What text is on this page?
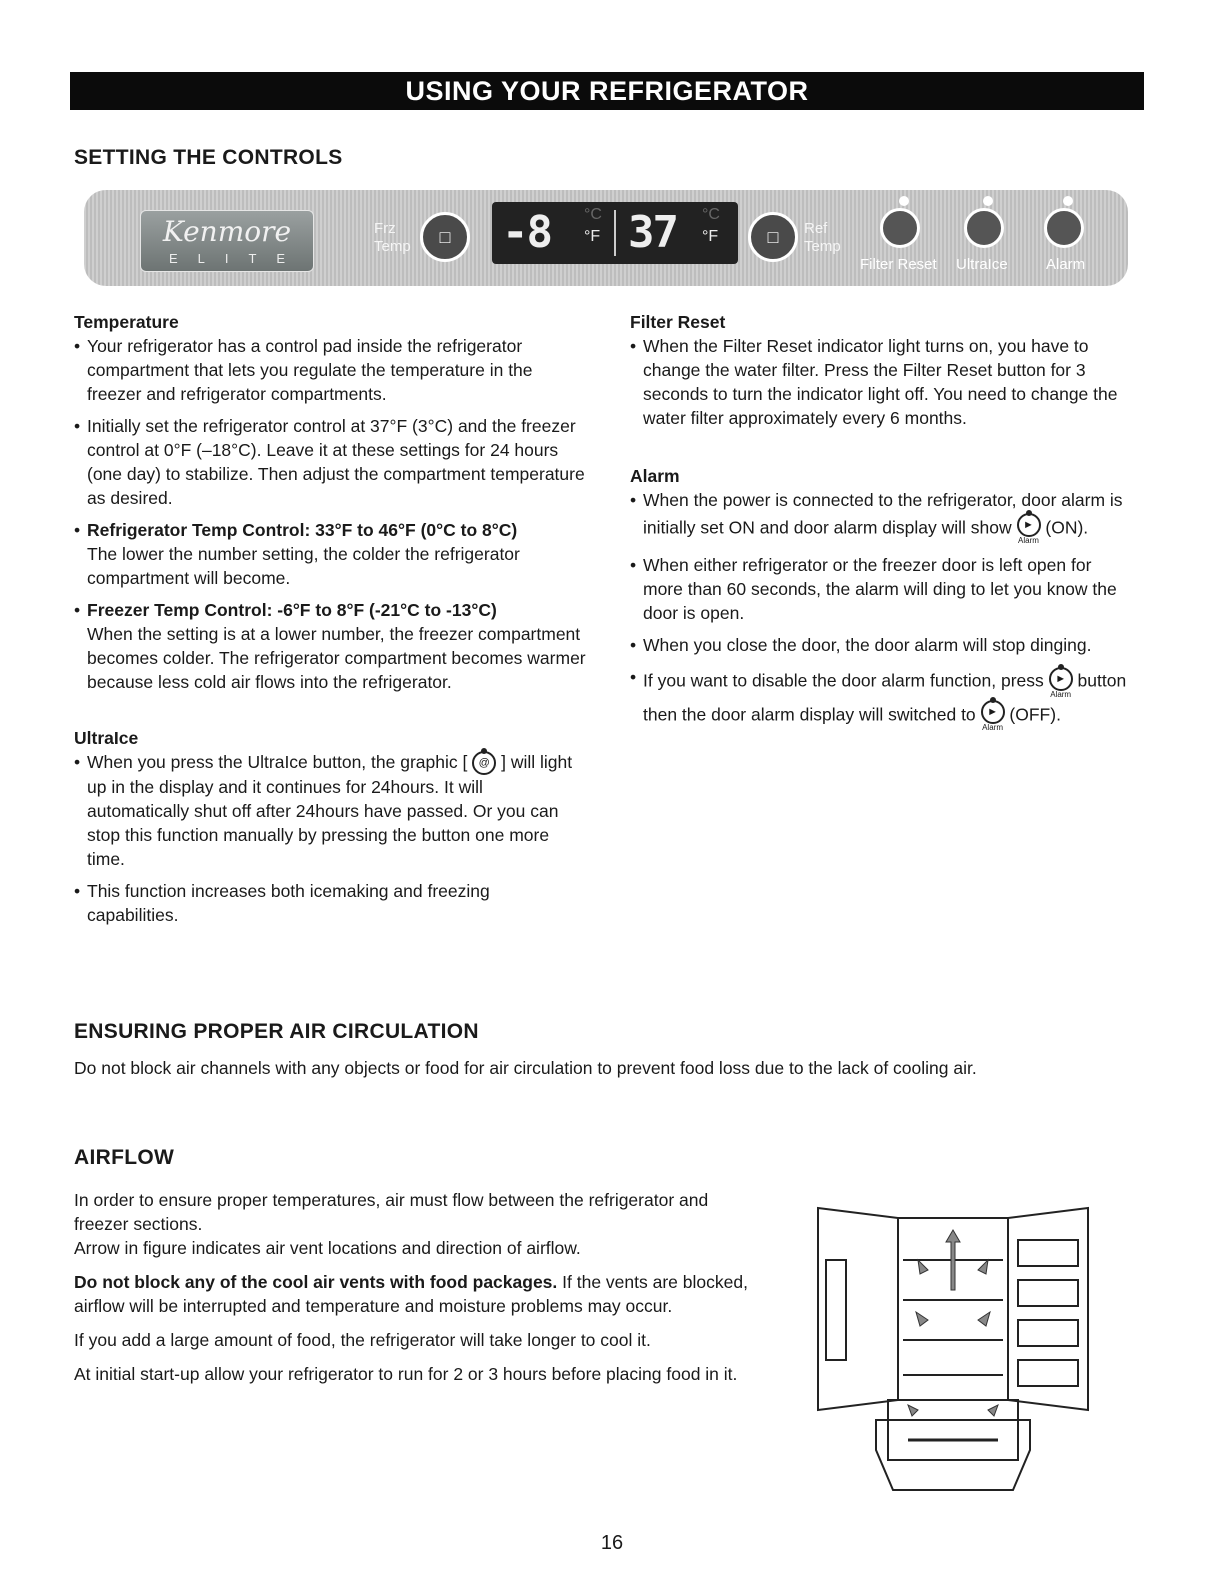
USING YOUR REFRIGERATOR
SETTING THE CONTROLS
Kenmore
ELITE
Frz Temp	□	-8 °F
°C 37 °F
°C
□	Ref Temp
Filter Reset UltraIce	Alarm

Temperature

• Your refrigerator has a control pad inside the refrigerator compartment that lets you regulate the temperature in the freezer and refrigerator compartments.

• Initially set the refrigerator control at 37°F (3°C) and the freezer control at 0°F (–18°C). Leave it at these settings for 24 hours (one day) to stabilize. Then adjust the compartment temperature as desired.

• Refrigerator Temp Control: 33°F to 46°F (0°C to 8°C)
The lower the number setting, the colder the refrigerator compartment will become.

• Freezer Temp Control: -6°F to 8°F (-21°C to -13°C)
When the setting is at a lower number, the freezer compartment becomes colder. The refrigerator compartment becomes warmer because less cold air flows into the refrigerator.

UltraIce

• When you press the UltraIce button, the graphic [ @ ] will light up in the display and it continues for 24hours. It will automatically shut off after 24hours have passed. Or you can stop this function manually by pressing the button one more time.

• This function increases both icemaking and freezing capabilities.

Filter Reset

• When the Filter Reset indicator light turns on, you have to change the water filter. Press the Filter Reset button for 3 seconds to turn the indicator light off. You need to change the water filter approximately every 6 months.

Alarm

• When the power is connected to the refrigerator, door alarm is initially set ON and door alarm display will show ►
Alarm
(ON).

• When either refrigerator or the freezer door is left open for more than 60 seconds, the alarm will ding to let you know the door is open.

• When you close the door, the door alarm will stop dinging.

• If you want to disable the door alarm function, press ►
Alarm
button then the door alarm display will switched to ►
Alarm
(OFF).

ENSURING PROPER AIR CIRCULATION
Do not block air channels with any objects or food for air circulation to prevent food loss due to the lack of cooling air.
AIRFLOW

In order to ensure proper temperatures, air must flow between the refrigerator and freezer sections.

Arrow in figure indicates air vent locations and direction of airflow.

Do not block any of the cool air vents with food packages. If the vents are blocked, airflow will be interrupted and temperature and moisture problems may occur.

If you add a large amount of food, the refrigerator will take longer to cool it.

At initial start-up allow your refrigerator to run for 2 or 3 hours before placing food in it.

16
